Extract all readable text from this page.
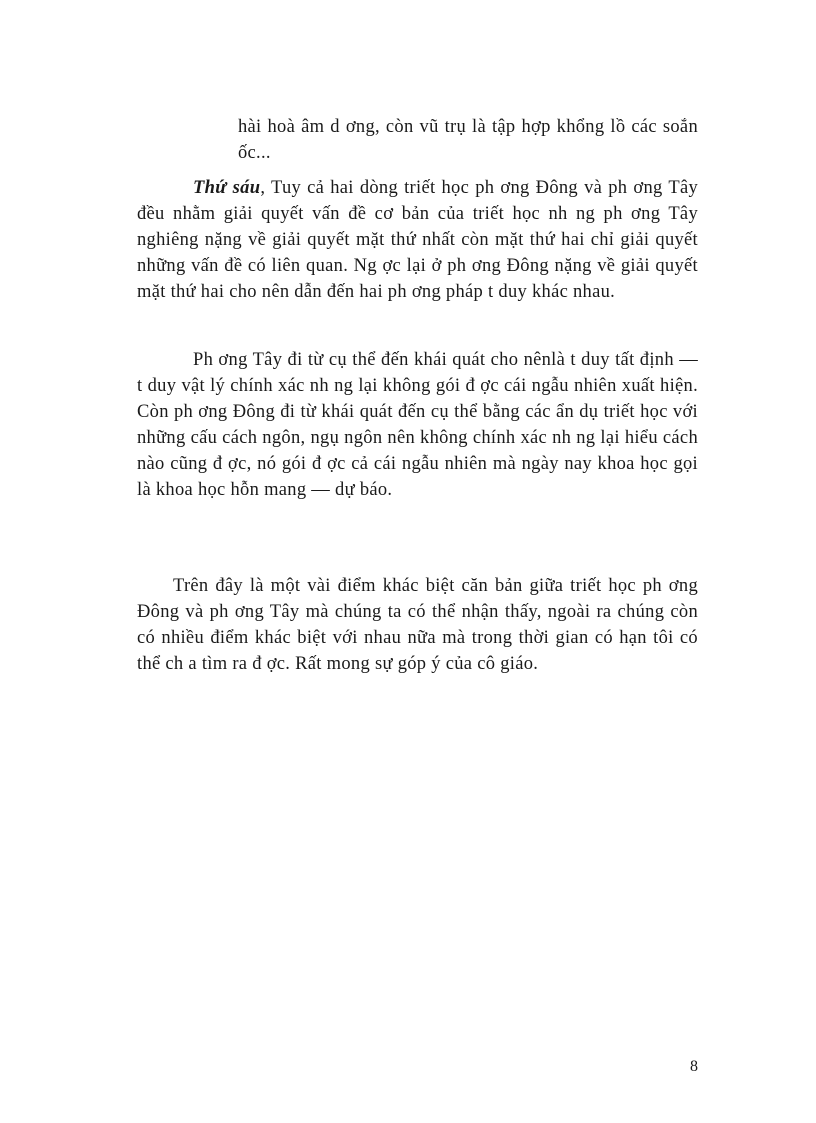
hài hoà âm d ơng, còn vũ trụ là tập hợp khổng lồ các soắn ốc...

Thứ sáu, Tuy cả hai dòng triết học ph ơng Đông và ph ơng Tây đều nhằm giải quyết vấn đề cơ bản của triết học nh ng ph ơng Tây nghiêng nặng về giải quyết mặt thứ nhất còn mặt thứ hai chỉ giải quyết những vấn đề có liên quan. Ng ợc lại ở ph ơng Đông nặng về giải quyết mặt thứ hai cho nên dẫn đến hai ph ơng pháp t duy khác nhau.

Ph ơng Tây đi từ cụ thể đến khái quát cho nênlà t duy tất định — t duy vật lý chính xác nh ng lại không gói đ ợc cái ngẫu nhiên xuất hiện. Còn ph ơng Đông đi từ khái quát đến cụ thể bằng các ẩn dụ triết học với những cấu cách ngôn, ngụ ngôn nên không chính xác nh ng lại hiểu cách nào cũng đ ợc, nó gói đ ợc cả cái ngẫu nhiên mà ngày nay khoa học gọi là khoa học hỗn mang — dự báo.

Trên đây là một vài điểm khác biệt căn bản giữa triết học ph ơng Đông và ph ơng Tây mà chúng ta có thể nhận thấy, ngoài ra chúng còn có nhiều điểm khác biệt với nhau nữa mà trong thời gian có hạn tôi có thể ch a tìm ra đ ợc. Rất mong sự góp ý của cô giáo.

8
